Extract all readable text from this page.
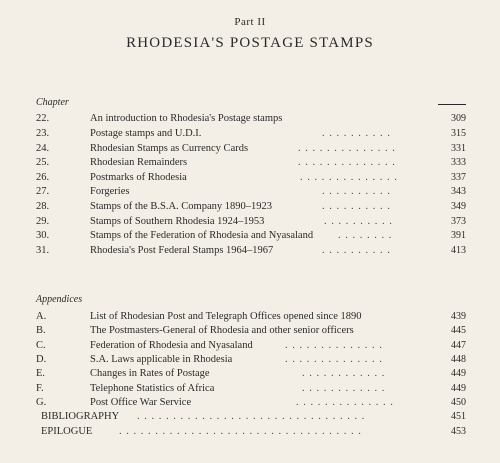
Part II
RHODESIA'S POSTAGE STAMPS
Chapter
22.	An introduction to Rhodesia's Postage stamps	309
23.	Postage stamps and U.D.I.	. . . . . . . . . .	315
24.	Rhodesian Stamps as Currency Cards	. . . . . . . . . . . . . .	331
25.	Rhodesian Remainders	. . . . . . . . . . . . . .	333
26.	Postmarks of Rhodesia	. . . . . . . . . . . . . .	337
27.	Forgeries	. . . . . . . . . .	343
28.	Stamps of the B.S.A. Company 1890–1923	. . . . . . . . . .	349
29.	Stamps of Southern Rhodesia 1924–1953	. . . . . . . . . .	373
30.	Stamps of the Federation of Rhodesia and Nyasaland . . . . . . . .	391
31.	Rhodesia's Post Federal Stamps 1964–1967	. . . . . . . . . .	413
Appendices
A.	List of Rhodesian Post and Telegraph Offices opened since 1890	439
B.	The Postmasters-General of Rhodesia and other senior officers	445
C.	Federation of Rhodesia and Nyasaland	. . . . . . . . . . . . . .	447
D.	S.A. Laws applicable in Rhodesia	. . . . . . . . . . . . . .	448
E.	Changes in Rates of Postage	. . . . . . . . . . . .	449
F.	Telephone Statistics of Africa	. . . . . . . . . . . .	449
G.	Post Office War Service	. . . . . . . . . . . . . .	450
BIBLIOGRAPHY . . . . . . . . . . . . . . . . . . . . . . . . . . . . . . . .	451
EPILOGUE	. . . . . . . . . . . . . . . . . . . . . . . . . . . . . . . . . .	453
